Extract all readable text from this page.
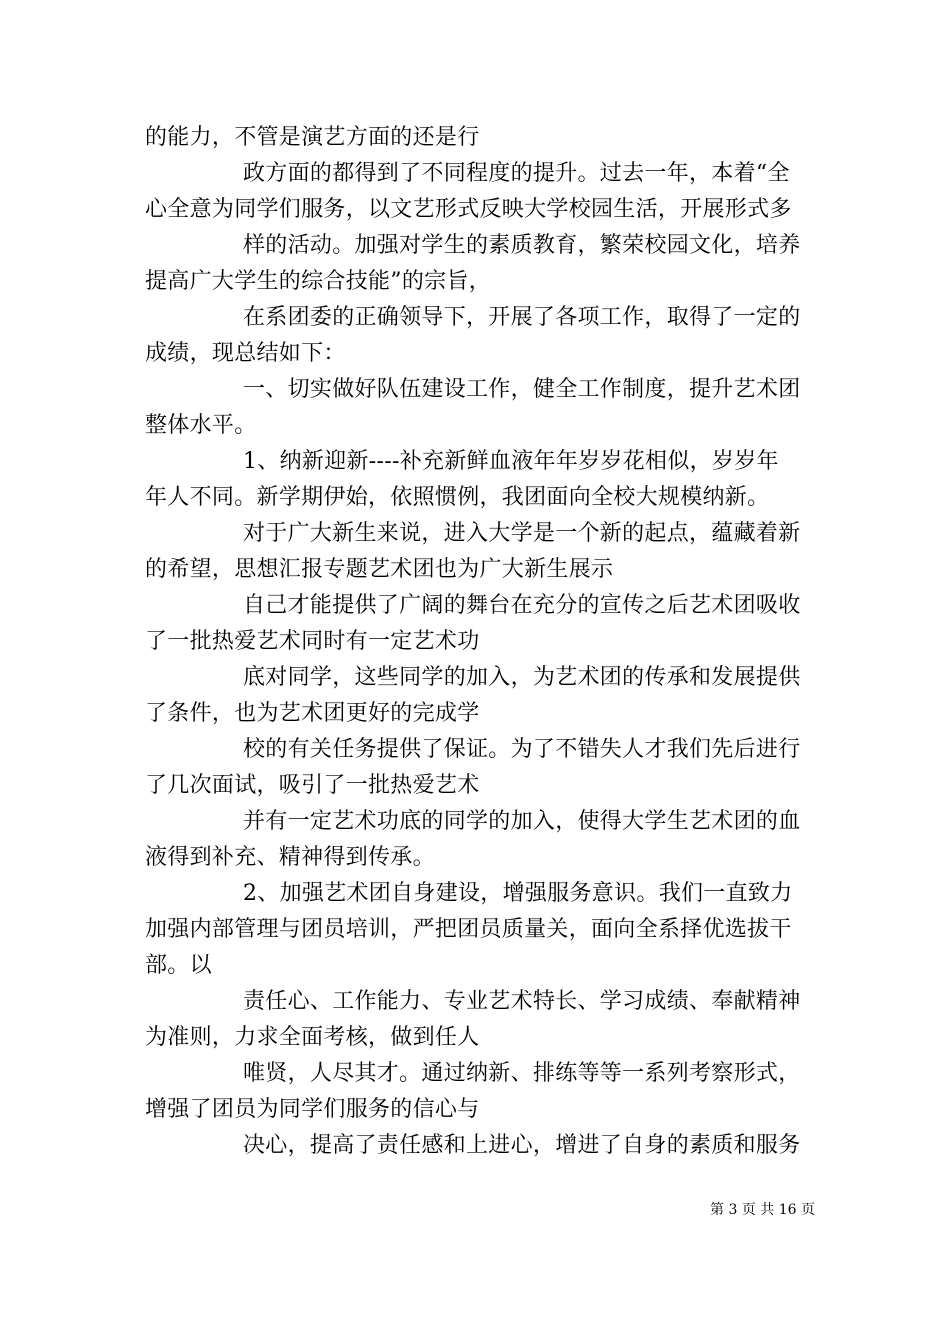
的能力，不管是演艺方面的还是行
政方面的都得到了不同程度的提升。过去一年，本着“全
心全意为同学们服务，以文艺形式反映大学校园生活，开展形式多
样的活动。加强对学生的素质教育，繁荣校园文化，培养
提高广大学生的综合技能”的宗旨，
在系团委的正确领导下，开展了各项工作，取得了一定的
成绩，现总结如下：
一、切实做好队伍建设工作，健全工作制度，提升艺术团
整体水平。
1、纳新迎新----补充新鲜血液年年岁岁花相似，岁岁年
年人不同。新学期伊始，依照惯例，我团面向全校大规模纳新。
对于广大新生来说，进入大学是一个新的起点，蕴藏着新
的希望，思想汇报专题艺术团也为广大新生展示
自己才能提供了广阔的舞台在充分的宣传之后艺术团吸收
了一批热爱艺术同时有一定艺术功
底对同学，这些同学的加入，为艺术团的传承和发展提供
了条件，也为艺术团更好的完成学
校的有关任务提供了保证。为了不错失人才我们先后进行
了几次面试，吸引了一批热爱艺术
并有一定艺术功底的同学的加入，使得大学生艺术团的血
液得到补充、精神得到传承。
2、加强艺术团自身建设，增强服务意识。我们一直致力
加强内部管理与团员培训，严把团员质量关，面向全系择优选拔干
部。以
责任心、工作能力、专业艺术特长、学习成绩、奉献精神
为准则，力求全面考核，做到任人
唯贤，人尽其才。通过纳新、排练等等一系列考察形式，
增强了团员为同学们服务的信心与
决心，提高了责任感和上进心，增进了自身的素质和服务
第 3 页 共 16 页
